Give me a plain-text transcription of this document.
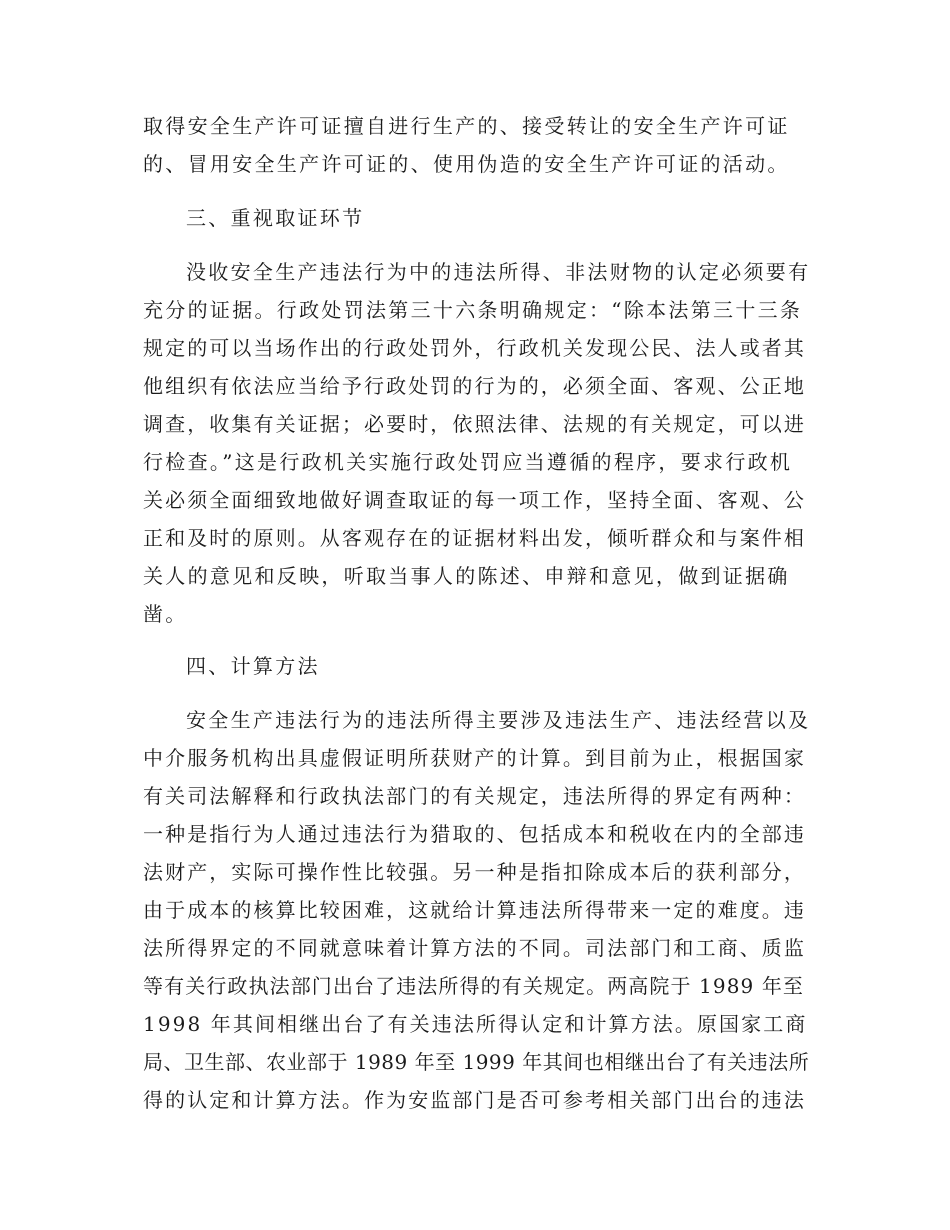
取得安全生产许可证擅自进行生产的、接受转让的安全生产许可证
的、冒用安全生产许可证的、使用伪造的安全生产许可证的活动。
三、重视取证环节
没收安全生产违法行为中的违法所得、非法财物的认定必须要有
充分的证据。行政处罚法第三十六条明确规定：“除本法第三十三条
规定的可以当场作出的行政处罚外，行政机关发现公民、法人或者其
他组织有依法应当给予行政处罚的行为的，必须全面、客观、公正地
调查，收集有关证据；必要时，依照法律、法规的有关规定，可以进
行检查。”这是行政机关实施行政处罚应当遵循的程序，要求行政机
关必须全面细致地做好调查取证的每一项工作，坚持全面、客观、公
正和及时的原则。从客观存在的证据材料出发，倾听群众和与案件相
关人的意见和反映，听取当事人的陈述、申辩和意见，做到证据确
凿。
四、计算方法
安全生产违法行为的违法所得主要涉及违法生产、违法经营以及
中介服务机构出具虚假证明所获财产的计算。到目前为止，根据国家
有关司法解释和行政执法部门的有关规定，违法所得的界定有两种：
一种是指行为人通过违法行为猎取的、包括成本和税收在内的全部违
法财产，实际可操作性比较强。另一种是指扣除成本后的获利部分，
由于成本的核算比较困难，这就给计算违法所得带来一定的难度。违
法所得界定的不同就意味着计算方法的不同。司法部门和工商、质监
等有关行政执法部门出台了违法所得的有关规定。两高院于 1989 年至
1998 年其间相继出台了有关违法所得认定和计算方法。原国家工商
局、卫生部、农业部于 1989 年至 1999 年其间也相继出台了有关违法所
得的认定和计算方法。作为安监部门是否可参考相关部门出台的违法
